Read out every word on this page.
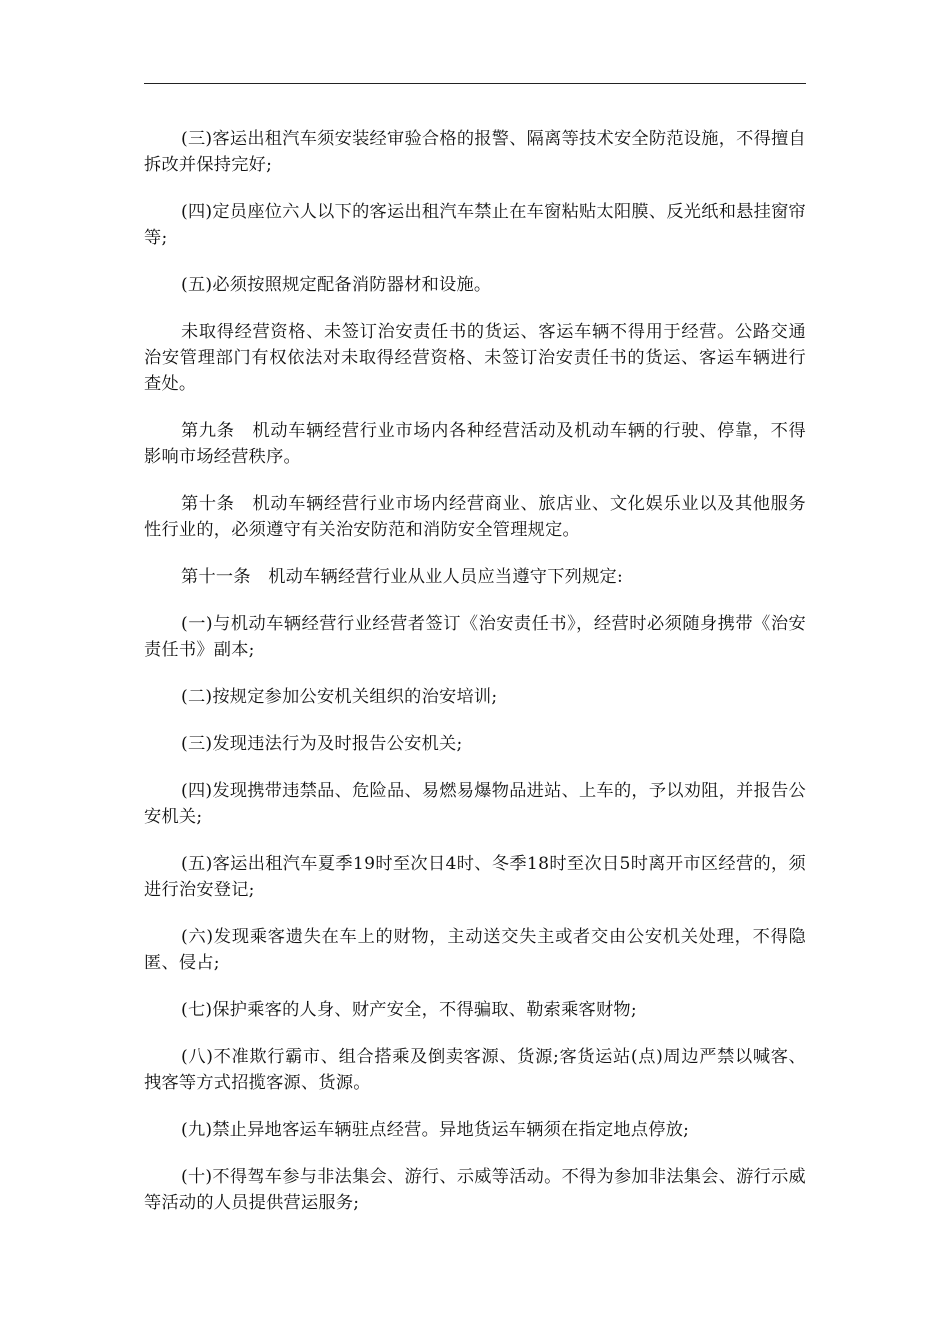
(三)客运出租汽车须安装经审验合格的报警、隔离等技术安全防范设施，不得擅自拆改并保持完好;

(四)定员座位六人以下的客运出租汽车禁止在车窗粘贴太阳膜、反光纸和悬挂窗帘等;

(五)必须按照规定配备消防器材和设施。

未取得经营资格、未签订治安责任书的货运、客运车辆不得用于经营。公路交通治安管理部门有权依法对未取得经营资格、未签订治安责任书的货运、客运车辆进行查处。

第九条　机动车辆经营行业市场内各种经营活动及机动车辆的行驶、停靠，不得影响市场经营秩序。

第十条　机动车辆经营行业市场内经营商业、旅店业、文化娱乐业以及其他服务性行业的，必须遵守有关治安防范和消防安全管理规定。

第十一条　机动车辆经营行业从业人员应当遵守下列规定:

(一)与机动车辆经营行业经营者签订《治安责任书》，经营时必须随身携带《治安责任书》副本;

(二)按规定参加公安机关组织的治安培训;

(三)发现违法行为及时报告公安机关;

(四)发现携带违禁品、危险品、易燃易爆物品进站、上车的，予以劝阻，并报告公安机关;

(五)客运出租汽车夏季19时至次日4时、冬季18时至次日5时离开市区经营的，须进行治安登记;

(六)发现乘客遗失在车上的财物，主动送交失主或者交由公安机关处理，不得隐匿、侵占;

(七)保护乘客的人身、财产安全，不得骗取、勒索乘客财物;

(八)不准欺行霸市、组合搭乘及倒卖客源、货源;客货运站(点)周边严禁以喊客、拽客等方式招揽客源、货源。

(九)禁止异地客运车辆驻点经营。异地货运车辆须在指定地点停放;

(十)不得驾车参与非法集会、游行、示威等活动。不得为参加非法集会、游行示威等活动的人员提供营运服务;
